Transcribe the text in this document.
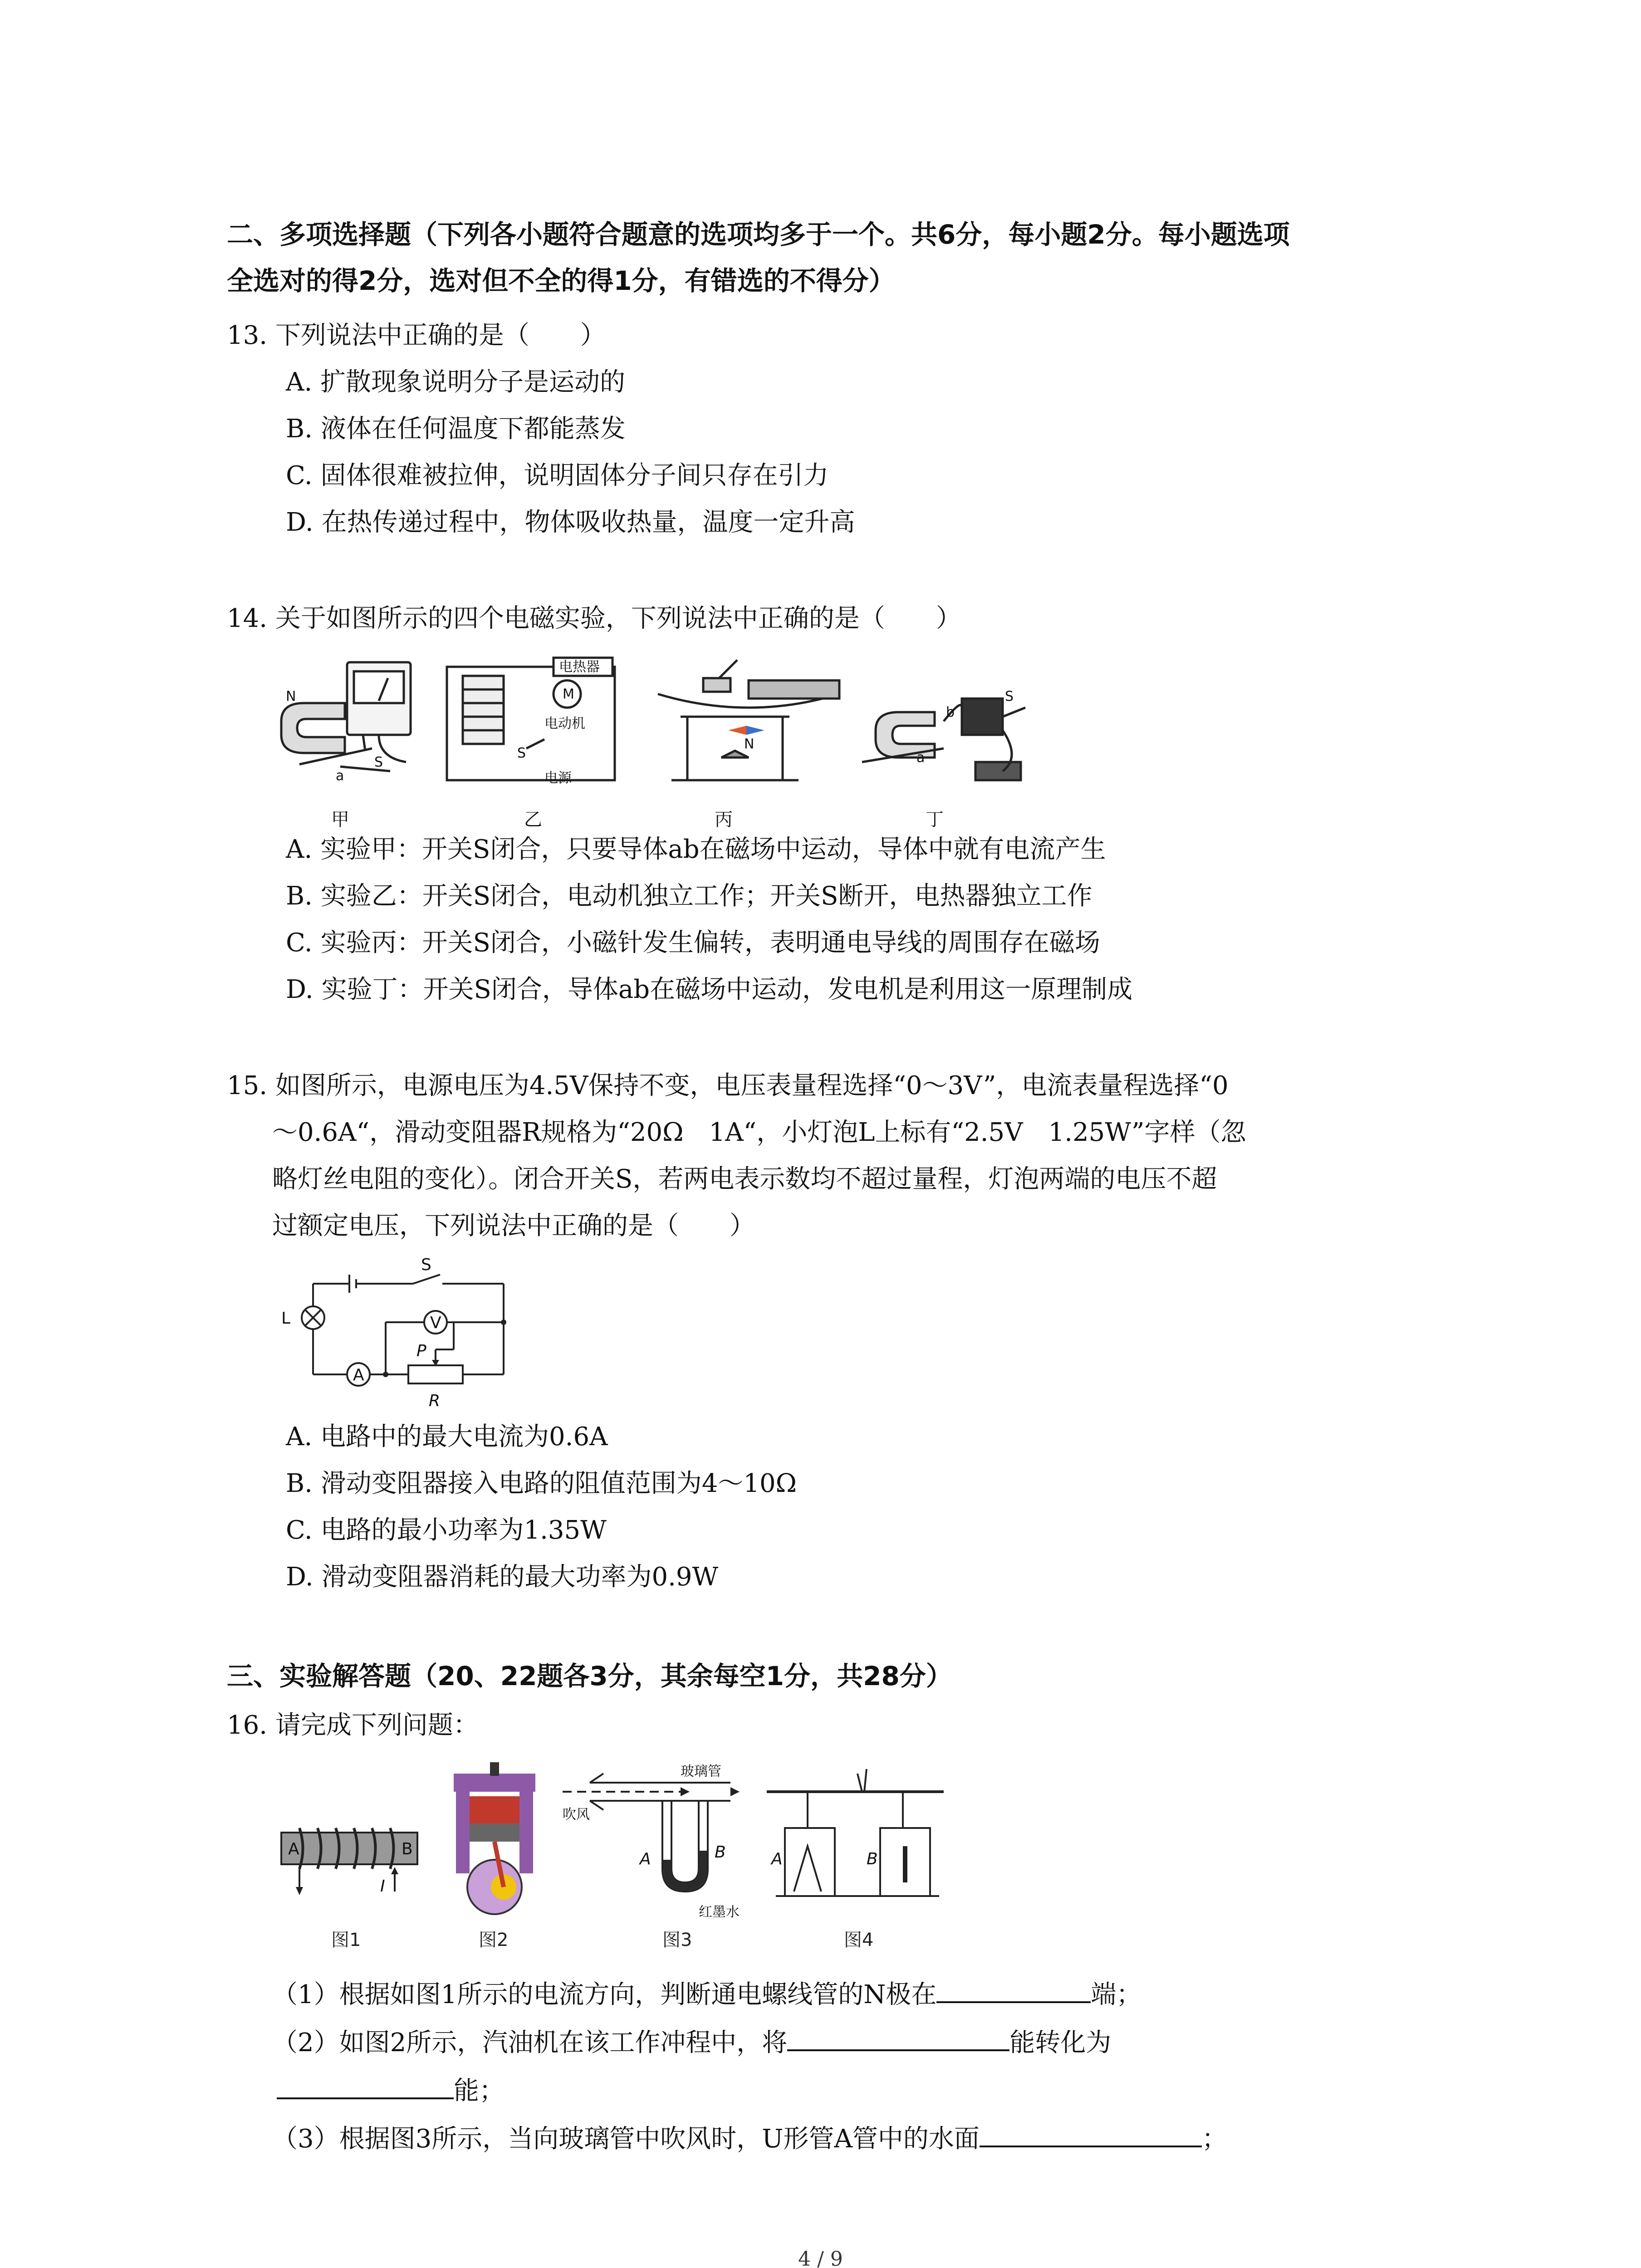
二、多项选择题（下列各小题符合题意的选项均多于一个。共6分，每小题2分。每小题选项
全选对的得2分，选对但不全的得1分，有错选的不得分）
13. 下列说法中正确的是（　　）
A. 扩散现象说明分子是运动的
B. 液体在任何温度下都能蒸发
C. 固体很难被拉伸，说明固体分子间只存在引力
D. 在热传递过程中，物体吸收热量，温度一定升高
14. 关于如图所示的四个电磁实验，下列说法中正确的是（　　）
N
a
S
电热器
M
电动机
S
电源
N
b
a
S
甲	乙	丙	丁
A. 实验甲：开关S闭合，只要导体ab在磁场中运动，导体中就有电流产生
B. 实验乙：开关S闭合，电动机独立工作；开关S断开，电热器独立工作
C. 实验丙：开关S闭合，小磁针发生偏转，表明通电导线的周围存在磁场
D. 实验丁：开关S闭合，导体ab在磁场中运动，发电机是利用这一原理制成
15. 如图所示，电源电压为4.5V保持不变，电压表量程选择“0～3V”，电流表量程选择“0
～0.6A“，滑动变阻器R规格为“20Ω　1A“，小灯泡L上标有“2.5V　1.25W”字样（忽
略灯丝电阻的变化）。闭合开关S，若两电表示数均不超过量程，灯泡两端的电压不超
过额定电压，下列说法中正确的是（　　）
S
L	V
A
P
R
A. 电路中的最大电流为0.6A
B. 滑动变阻器接入电路的阻值范围为4～10Ω
C. 电路的最小功率为1.35W
D. 滑动变阻器消耗的最大功率为0.9W
三、实验解答题（20、22题各3分，其余每空1分，共28分）
16. 请完成下列问题：
A	B
I
吹风
玻璃管
A	B
红墨水
A	B
图1	图2	图3	图4
（1）根据如图1所示的电流方向，判断通电螺线管的N极在	端；
（2）如图2所示，汽油机在该工作冲程中，将	能转化为
能；
（3）根据图3所示，当向玻璃管中吹风时，U形管A管中的水面	；
4 / 9
